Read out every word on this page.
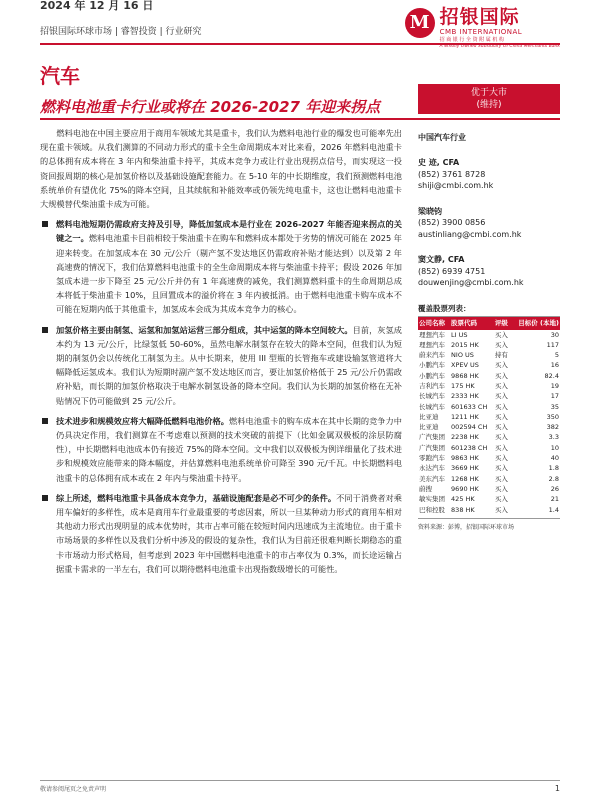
2024 年 12 月 16 日
招银国际环球市场 | 睿智投资 | 行业研究	M 招银国际
CMB INTERNATIONAL
招 商 银 行 全 资 附 属 机 构
A Wholly Owned Subsidiary Of China Merchants Bank
汽车
燃料电池重卡行业或将在 2026-2027 年迎来拐点

燃料电池在中国主要应用于商用车领域尤其是重卡，我们认为燃料电池行业的爆发也可能率先出现在重卡领域。从我们测算的不同动力形式的重卡全生命周期成本对比来看，2026 年燃料电池重卡的总体拥有成本将在 3 年内和柴油重卡持平，其成本竞争力或让行业出现拐点信号，而实现这一投资回报周期的核心是加氢价格以及基础设施配套能力。在 5-10 年的中长期维度，我们预测燃料电池系统单价有望优化 75%的降本空间，且其续航和补能效率或仍领先纯电重卡，这也让燃料电池重卡大规模替代柴油重卡成为可能。

燃料电池短期仍需政府支持及引导，降低加氢成本是行业在 2026-2027 年能否迎来拐点的关键之一。燃料电池重卡目前相较于柴油重卡在购车和燃料成本都处于劣势的情况可能在 2025 年迎来转变。在加氢成本在 30 元/公斤（剔产氢不发达地区仍需政府补贴才能达到）以及第 2 年高速费的情况下，我们估算燃料电池重卡的全生命周期成本将与柴油重卡持平；假设 2026 年加氢成本进一步下降至 25 元/公斤并仍有 1 年高速费的减免，我们测算燃料重卡的生命周期总成本将低于柴油重卡 10%，且回置成本的溢价将在 3 年内被抵消。由于燃料电池重卡购车成本不可能在短期内低于其他重卡，加氢成本会成为其成本竞争力的核心。
加氢价格主要由制氢、运氢和加氢站运营三部分组成，其中运氢的降本空间较大。目前，灰氢成本约为 13 元/公斤，比绿氢低 50-60%，虽然电解水制氢存在较大的降本空间，但我们认为短期的制氢仍会以传统化工制氢为主。从中长期来，使用 III 型瓶的长管拖车或建设输氢管道将大幅降低运氢成本。我们认为短期时副产氢不发达地区而言，要让加氢价格低于 25 元/公斤仍需政府补贴，而长期的加氢价格取决于电解水制氢设备的降本空间。我们认为长期的加氢价格在无补贴情况下仍可能做到 25 元/公斤。
技术进步和规模效应将大幅降低燃料电池价格。燃料电池重卡的购车成本在其中长期的竞争力中仍具决定作用，我们测算在不考虑难以预测的技术突破的前提下（比如金属双极板的涂层防腐性），中长期燃料电池成本仍有接近 75%的降本空间。文中我们以双极板为例详细量化了技术进步和规模效应能带来的降本幅度，并估算燃料电池系统单价可降至 390 元/千瓦。中长期燃料电池重卡的总体拥有成本或在 2 年内与柴油重卡持平。
综上所述，燃料电池重卡具备成本竞争力，基础设施配套是必不可少的条件。不同于消费者对乘用车偏好的多样性，成本是商用车行业最重要的考虑因素，所以一旦某种动力形式的商用车相对其他动力形式出现明显的成本优势时，其市占率可能在较短时间内迅速成为主流地位。由于重卡市场场景的多样性以及我们分析中涉及的假设的复杂性，我们认为目前还很难判断长期稳态的重卡市场动力形式格局，但考虑到 2023 年中国燃料电池重卡的市占率仅为 0.3%，而长途运输占据重卡需求的一半左右，我们可以期待燃料电池重卡出现指数级增长的可能性。
优于大市
(维持)
中国汽车行业
史 迹, CFA
(852) 3761 8728
shiji@cmbi.com.hk
梁晓钧
(852) 3900 0856
austinliang@cmbi.com.hk
窦文静, CFA
(852) 6939 4751
douwenjing@cmbi.com.hk
覆盖股票列表：
公司名称	股票代码	评级	目标价 (本地)
理想汽车	LI US	买入	30
理想汽车	2015 HK	买入	117
蔚来汽车	NIO US	持有	5
小鹏汽车	XPEV US	买入	16
小鹏汽车	9868 HK	买入	82.4
吉利汽车	175 HK	买入	19
长城汽车	2333 HK	买入	17
长城汽车	601633 CH	买入	35
比亚迪	1211 HK	买入	350
比亚迪	002594 CH	买入	382
广汽集团	2238 HK	买入	3.3
广汽集团	601238 CH	买入	10
零跑汽车	9863 HK	买入	40
永达汽车	3669 HK	买入	1.8
美东汽车	1268 HK	买入	2.8
蔚搜	9690 HK	买入	26
敏实集团	425 HK	买入	21
巴和控股	838 HK	买入	1.4
资料来源：彭博，招银国际环球市场
敬请参阅尾页之免责声明	1
